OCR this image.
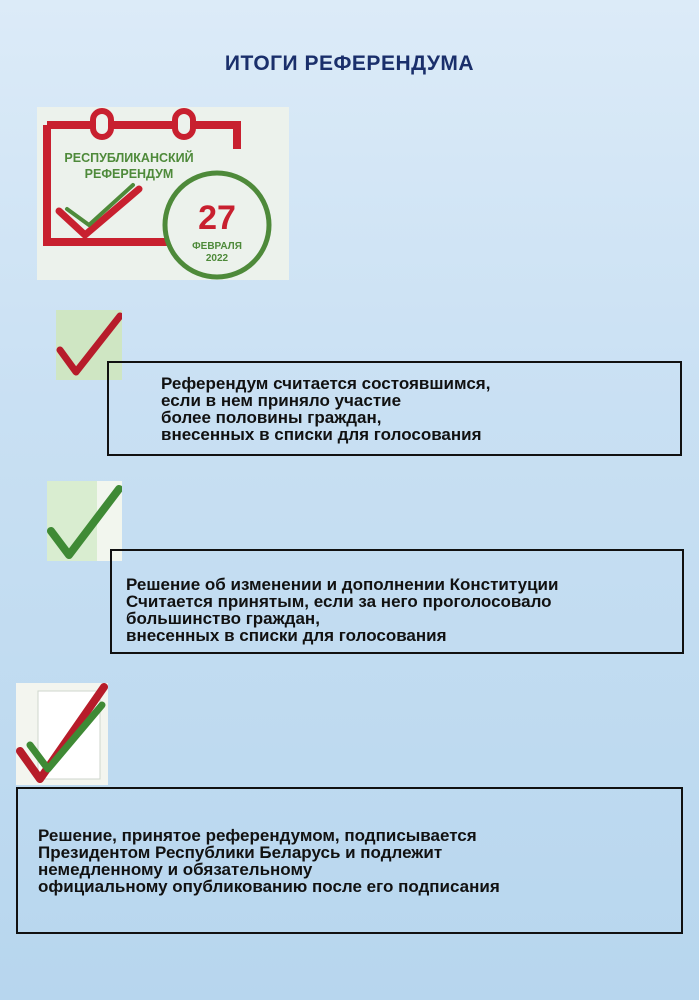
ИТОГИ РЕФЕРЕНДУМА
РЕСПУБЛИКАНСКИЙ
РЕФЕРЕНДУМ
27
ФЕВРАЛЯ
2022
Референдум считается состоявшимся,
если в нем приняло участие
более половины граждан,
внесенных в списки для голосования
Решение об изменении и дополнении Конституции
Считается принятым, если за него проголосовало
большинство граждан,
внесенных в списки для голосования
Решение, принятое референдумом, подписывается
Президентом Республики Беларусь и подлежит
немедленному и обязательному
официальному опубликованию после его подписания
